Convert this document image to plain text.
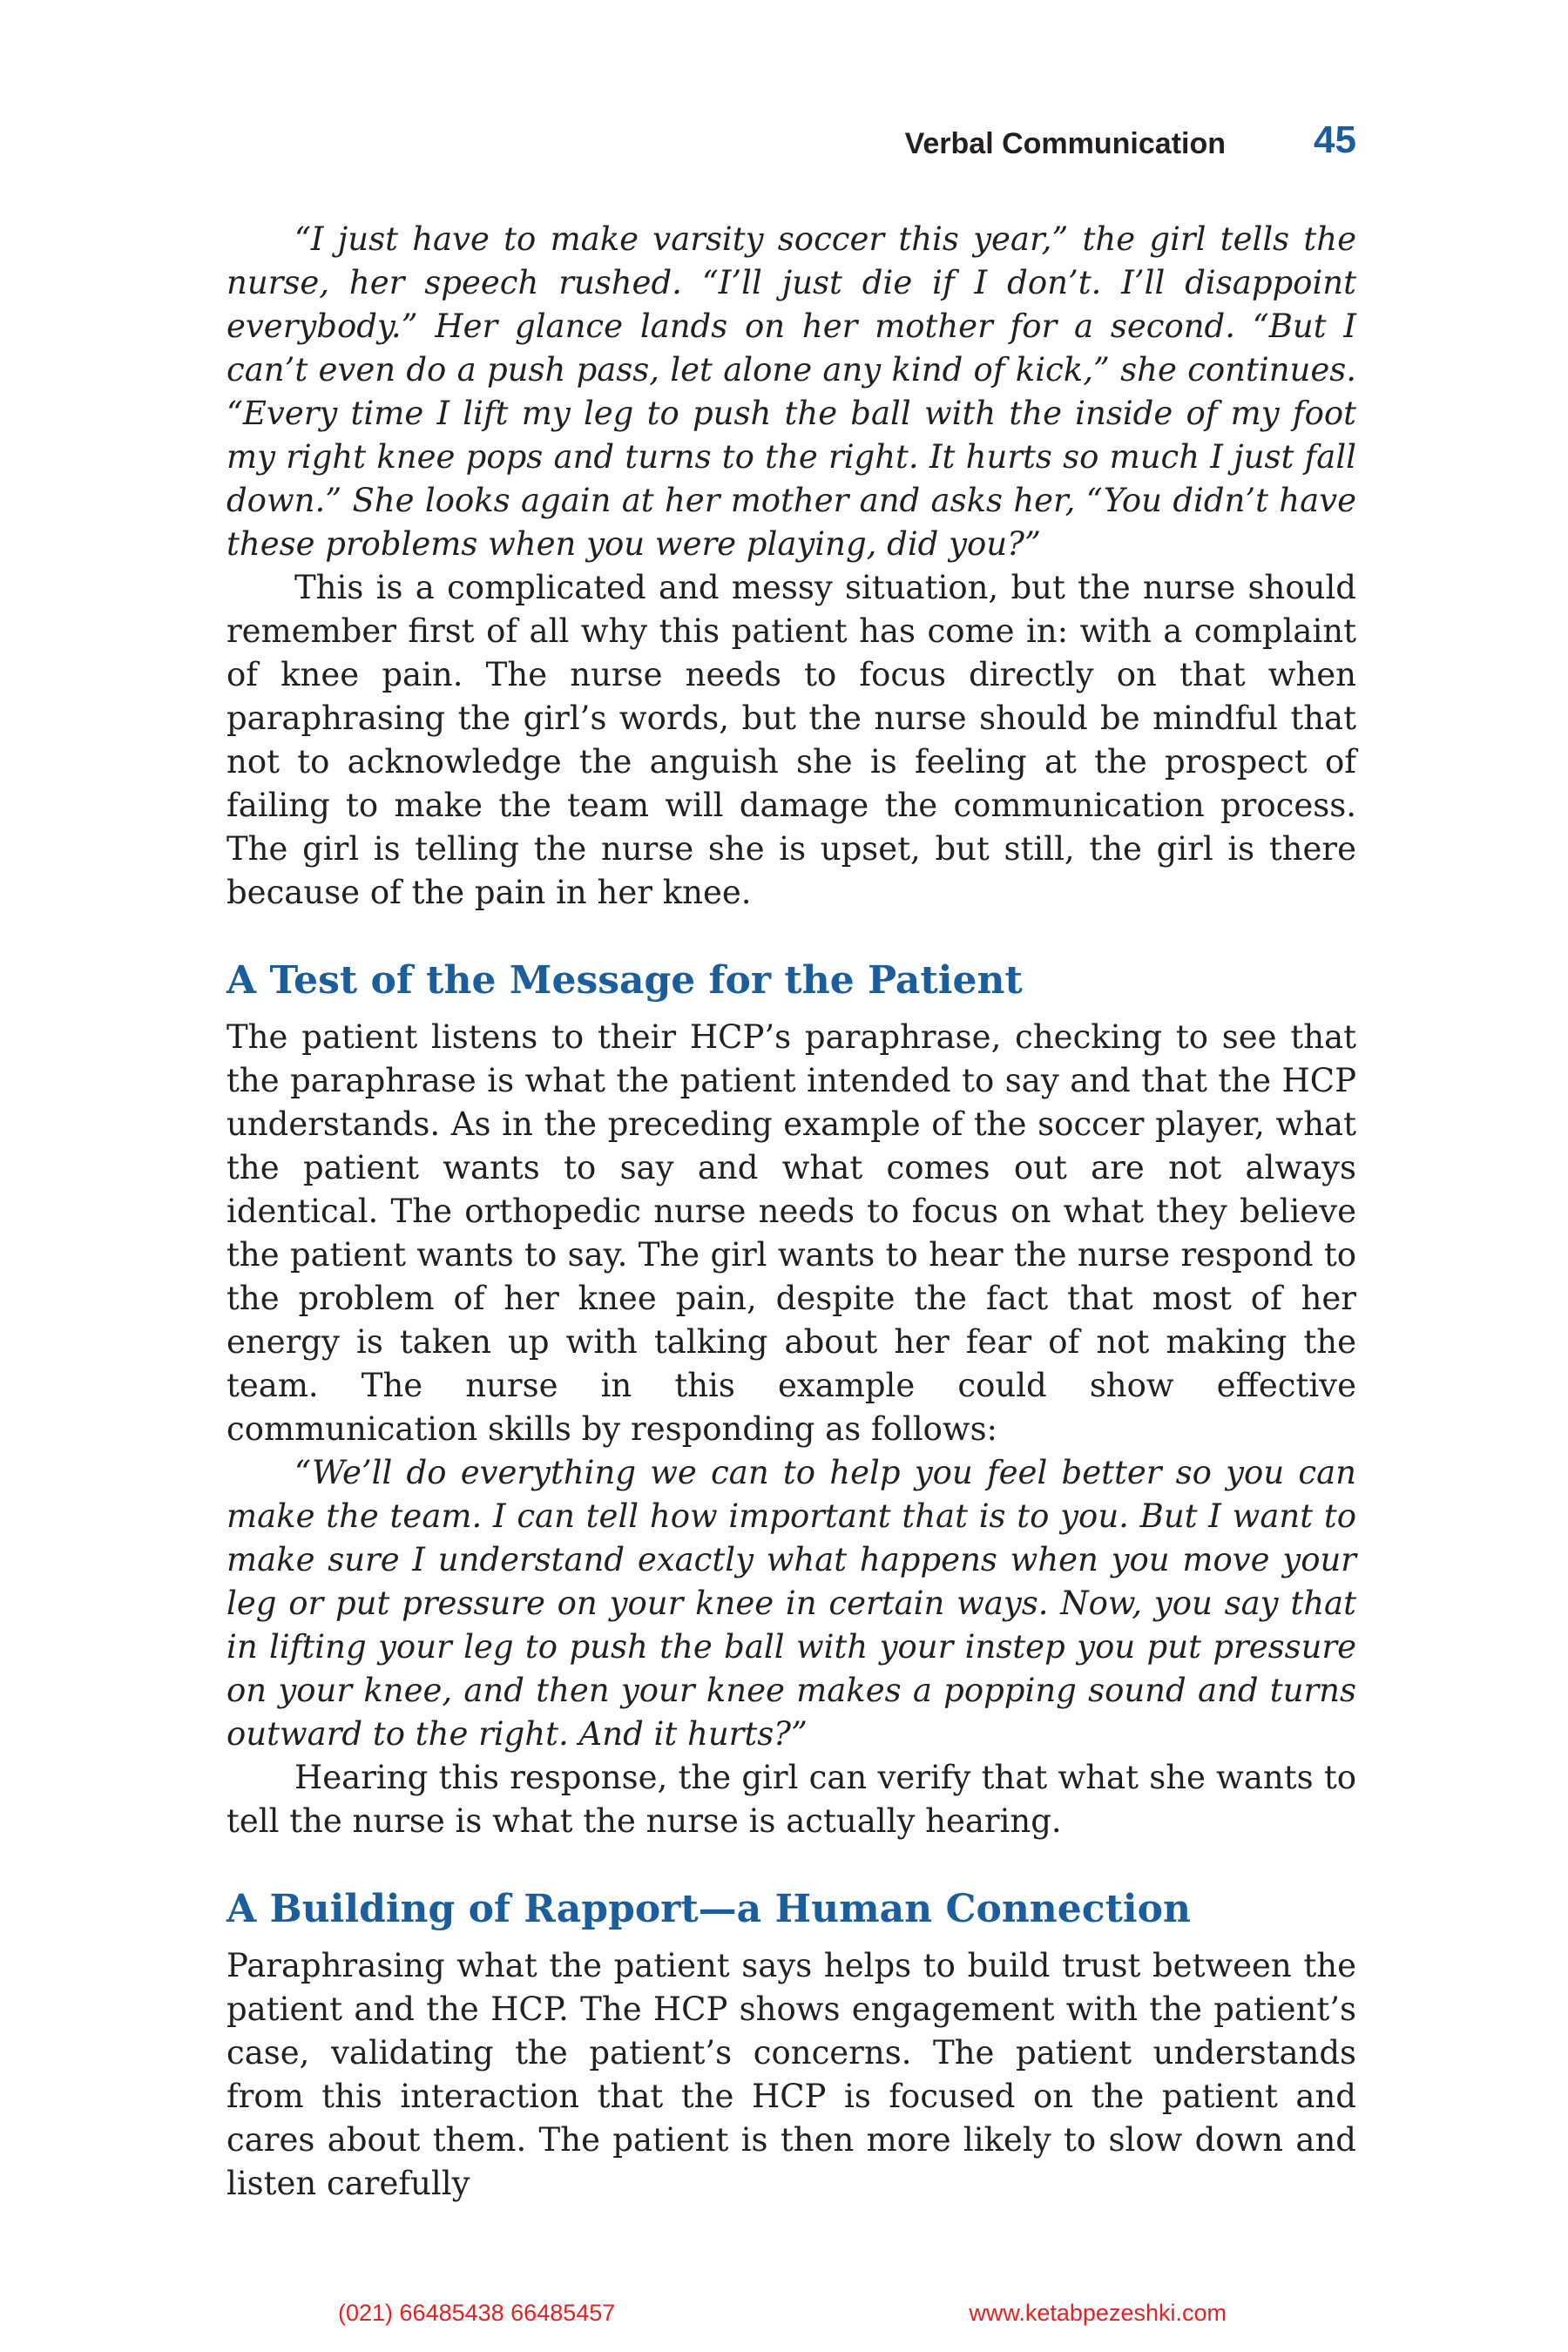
Verbal Communication 45

“I just have to make varsity soccer this year,” the girl tells the nurse, her speech rushed. “I’ll just die if I don’t. I’ll disappoint everybody.” Her glance lands on her mother for a second. “But I can’t even do a push pass, let alone any kind of kick,” she continues. “Every time I lift my leg to push the ball with the inside of my foot my right knee pops and turns to the right. It hurts so much I just fall down.” She looks again at her mother and asks her, “You didn’t have these problems when you were playing, did you?”

This is a complicated and messy situation, but the nurse should remember first of all why this patient has come in: with a complaint of knee pain. The nurse needs to focus directly on that when paraphrasing the girl’s words, but the nurse should be mindful that not to acknowledge the anguish she is feeling at the prospect of failing to make the team will damage the communication process. The girl is telling the nurse she is upset, but still, the girl is there because of the pain in her knee.

A Test of the Message for the Patient

The patient listens to their HCP’s paraphrase, checking to see that the paraphrase is what the patient intended to say and that the HCP understands. As in the preceding example of the soccer player, what the patient wants to say and what comes out are not always identical. The orthopedic nurse needs to focus on what they believe the patient wants to say. The girl wants to hear the nurse respond to the problem of her knee pain, despite the fact that most of her energy is taken up with talking about her fear of not making the team. The nurse in this example could show effective communication skills by responding as follows:

“We’ll do everything we can to help you feel better so you can make the team. I can tell how important that is to you. But I want to make sure I understand exactly what happens when you move your leg or put pressure on your knee in certain ways. Now, you say that in lifting your leg to push the ball with your instep you put pressure on your knee, and then your knee makes a popping sound and turns outward to the right. And it hurts?”

Hearing this response, the girl can verify that what she wants to tell the nurse is what the nurse is actually hearing.

A Building of Rapport—a Human Connection

Paraphrasing what the patient says helps to build trust between the patient and the HCP. The HCP shows engagement with the patient’s case, validating the patient’s concerns. The patient understands from this interaction that the HCP is focused on the patient and cares about them. The patient is then more likely to slow down and listen carefully

(021) 66485438 66485457	www.ketabpezeshki.com
